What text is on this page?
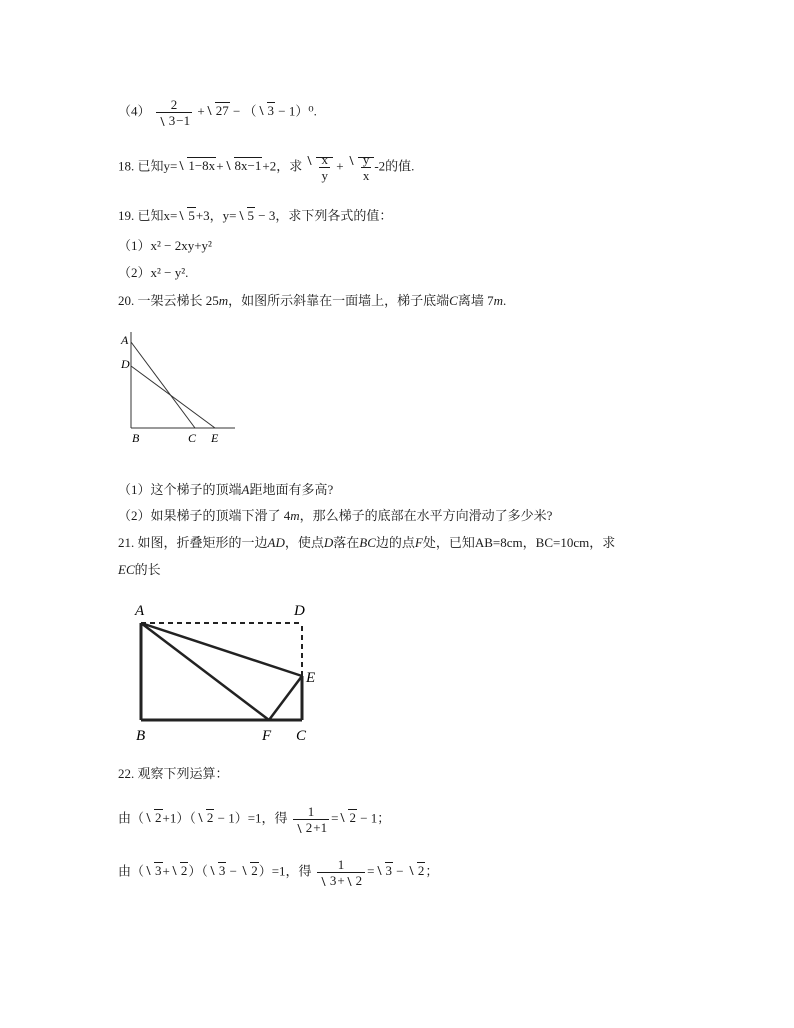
$(4) \frac{2}{3-1} + 27$ − （ 3 − 1）⁰.
18. 已知y= 1−8x+ 8x−1+2，求 $\frac{x}{y} + \frac{y}{x} -2$的值.
19. 已知x= 5+3，y= 5 − 3，求下列各式的值：
（1）x² − 2xy+y²
（2）x² − y².
20. 一架云梯长 25m，如图所示斜靠在一面墙上，梯子底端C离墙 7m.
A
D
B	C E
（1）这个梯子的顶端A距地面有多高?
（2）如果梯子的顶端下滑了 4m，那么梯子的底部在水平方向滑动了多少米?
21. 如图，折叠矩形的一边AD，使点D落在BC边的点F处，已知AB=8cm，BC=10cm，求
EC的长
A	D
E
B	F C
22. 观察下列运算：
由（ 2+1）（ 2 − 1）=1，得 $\frac{1}{2+1} = 2 - 1$；
由（ 3+ 2）（ 3 − 2）=1，得 $\frac{1}{3+ 2} = 3 - 2$；
